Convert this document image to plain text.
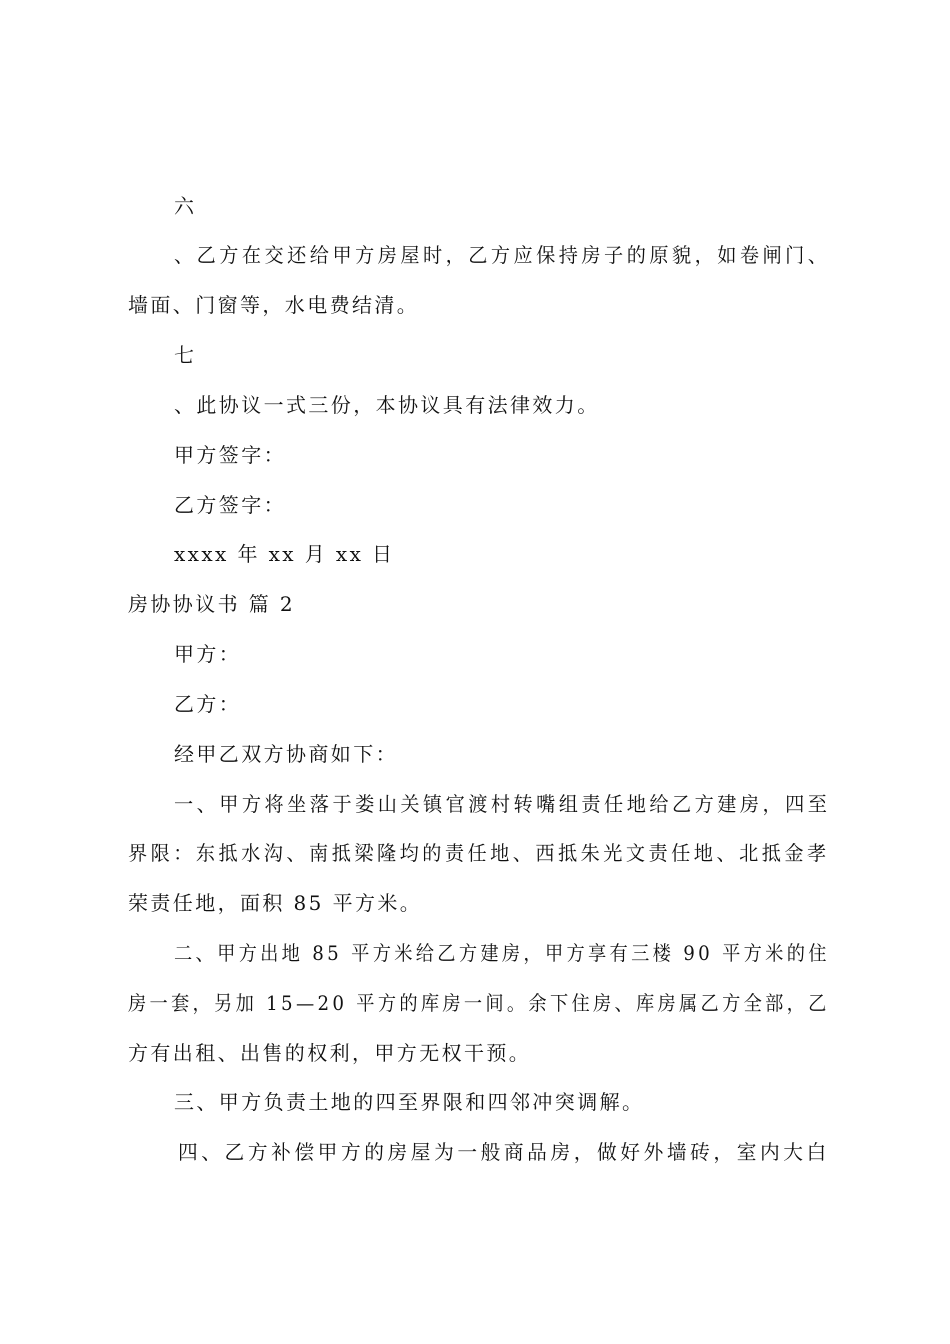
六
、乙方在交还给甲方房屋时，乙方应保持房子的原貌，如卷闸门、
墙面、门窗等，水电费结清。
七
、此协议一式三份，本协议具有法律效力。
甲方签字：
乙方签字：
xxxx 年 xx 月 xx 日
房协协议书 篇 2
甲方：
乙方：
经甲乙双方协商如下：
一、甲方将坐落于娄山关镇官渡村转嘴组责任地给乙方建房，四至
界限：东抵水沟、南抵梁隆均的责任地、西抵朱光文责任地、北抵金孝
荣责任地，面积 85 平方米。
二、甲方出地 85 平方米给乙方建房，甲方享有三楼 90 平方米的住
房一套，另加 15—20 平方的库房一间。余下住房、库房属乙方全部，乙
方有出租、出售的权利，甲方无权干预。
三、甲方负责土地的四至界限和四邻冲突调解。
四、乙方补偿甲方的房屋为一般商品房，做好外墙砖，室内大白
